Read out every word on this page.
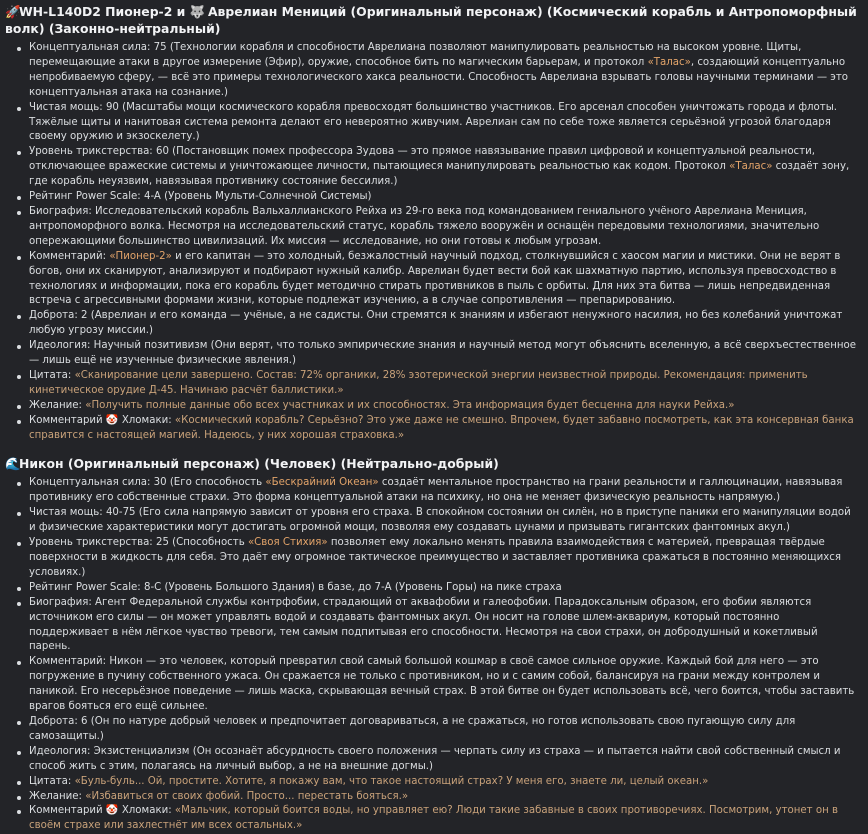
🚀WH-L140D2 Пионер-2 и 🐺 Аврелиан Мениций (Оригинальный персонаж) (Космический корабль и Антропоморфный волк) (Законно-нейтральный)
Концептуальная сила: 75 (Технологии корабля и способности Аврелиана позволяют манипулировать реальностью на высоком уровне. Щиты, перемещающие атаки в другое измерение (Эфир), оружие, способное бить по магическим барьерам, и протокол «Талас», создающий концептуально непробиваемую сферу, — всё это примеры технологического хакса реальности. Способность Аврелиана взрывать головы научными терминами — это концептуальная атака на сознание.)
Чистая мощь: 90 (Масштабы мощи космического корабля превосходят большинство участников. Его арсенал способен уничтожать города и флоты. Тяжёлые щиты и нанитовая система ремонта делают его невероятно живучим. Аврелиан сам по себе тоже является серьёзной угрозой благодаря своему оружию и экзоскелету.)
Уровень трикстерства: 60 (Постановщик помех профессора Зудова — это прямое навязывание правил цифровой и концептуальной реальности, отключающее вражеские системы и уничтожающее личности, пытающиеся манипулировать реальностью как кодом. Протокол «Талас» создаёт зону, где корабль неуязвим, навязывая противнику состояние бессилия.)
Рейтинг Power Scale: 4-A (Уровень Мульти-Солнечной Системы)
Биография: Исследовательский корабль Вальхаллианского Рейха из 29-го века под командованием гениального учёного Аврелиана Мениция, антропоморфного волка. Несмотря на исследовательский статус, корабль тяжело вооружён и оснащён передовыми технологиями, значительно опережающими большинство цивилизаций. Их миссия — исследование, но они готовы к любым угрозам.
Комментарий: «Пионер-2» и его капитан — это холодный, безжалостный научный подход, столкнувшийся с хаосом магии и мистики. Они не верят в богов, они их сканируют, анализируют и подбирают нужный калибр. Аврелиан будет вести бой как шахматную партию, используя превосходство в технологиях и информации, пока его корабль будет методично стирать противников в пыль с орбиты. Для них эта битва — лишь непредвиденная встреча с агрессивными формами жизни, которые подлежат изучению, а в случае сопротивления — препарированию.
Доброта: 2 (Аврелиан и его команда — учёные, а не садисты. Они стремятся к знаниям и избегают ненужного насилия, но без колебаний уничтожат любую угрозу миссии.)
Идеология: Научный позитивизм (Они верят, что только эмпирические знания и научный метод могут объяснить вселенную, а всё сверхъестественное — лишь ещё не изученные физические явления.)
Цитата: «Сканирование цели завершено. Состав: 72% органики, 28% эзотерической энергии неизвестной природы. Рекомендация: применить кинетическое орудие Д-45. Начинаю расчёт баллистики.»
Желание: «Получить полные данные обо всех участниках и их способностях. Эта информация будет бесценна для науки Рейха.»
Комментарий 🤡 Хломаки: «Космический корабль? Серьёзно? Это уже даже не смешно. Впрочем, будет забавно посмотреть, как эта консервная банка справится с настоящей магией. Надеюсь, у них хорошая страховка.»
🌊Никон (Оригинальный персонаж) (Человек) (Нейтрально-добрый)
Концептуальная сила: 30 (Его способность «Бескрайний Океан» создаёт ментальное пространство на грани реальности и галлюцинации, навязывая противнику его собственные страхи. Это форма концептуальной атаки на психику, но она не меняет физическую реальность напрямую.)
Чистая мощь: 40-75 (Его сила напрямую зависит от уровня его страха. В спокойном состоянии он силён, но в приступе паники его манипуляции водой и физические характеристики могут достигать огромной мощи, позволяя ему создавать цунами и призывать гигантских фантомных акул.)
Уровень трикстерства: 25 (Способность «Своя Стихия» позволяет ему локально менять правила взаимодействия с материей, превращая твёрдые поверхности в жидкость для себя. Это даёт ему огромное тактическое преимущество и заставляет противника сражаться в постоянно меняющихся условиях.)
Рейтинг Power Scale: 8-C (Уровень Большого Здания) в базе, до 7-A (Уровень Горы) на пике страха
Биография: Агент Федеральной службы контрфобии, страдающий от аквафобии и галеофобии. Парадоксальным образом, его фобии являются источником его силы — он может управлять водой и создавать фантомных акул. Он носит на голове шлем-аквариум, который постоянно поддерживает в нём лёгкое чувство тревоги, тем самым подпитывая его способности. Несмотря на свои страхи, он добродушный и кокетливый парень.
Комментарий: Никон — это человек, который превратил свой самый большой кошмар в своё самое сильное оружие. Каждый бой для него — это погружение в пучину собственного ужаса. Он сражается не только с противником, но и с самим собой, балансируя на грани между контролем и паникой. Его несерьёзное поведение — лишь маска, скрывающая вечный страх. В этой битве он будет использовать всё, чего боится, чтобы заставить врагов бояться его ещё сильнее.
Доброта: 6 (Он по натуре добрый человек и предпочитает договариваться, а не сражаться, но готов использовать свою пугающую силу для самозащиты.)
Идеология: Экзистенциализм (Он осознаёт абсурдность своего положения — черпать силу из страха — и пытается найти свой собственный смысл и способ жить с этим, полагаясь на личный выбор, а не на внешние догмы.)
Цитата: «Буль-буль... Ой, простите. Хотите, я покажу вам, что такое настоящий страх? У меня его, знаете ли, целый океан.»
Желание: «Избавиться от своих фобий. Просто... перестать бояться.»
Комментарий 🤡 Хломаки: «Мальчик, который боится воды, но управляет ею? Люди такие забавные в своих противоречиях. Посмотрим, утонет он в своём страхе или захлестнёт им всех остальных.»
